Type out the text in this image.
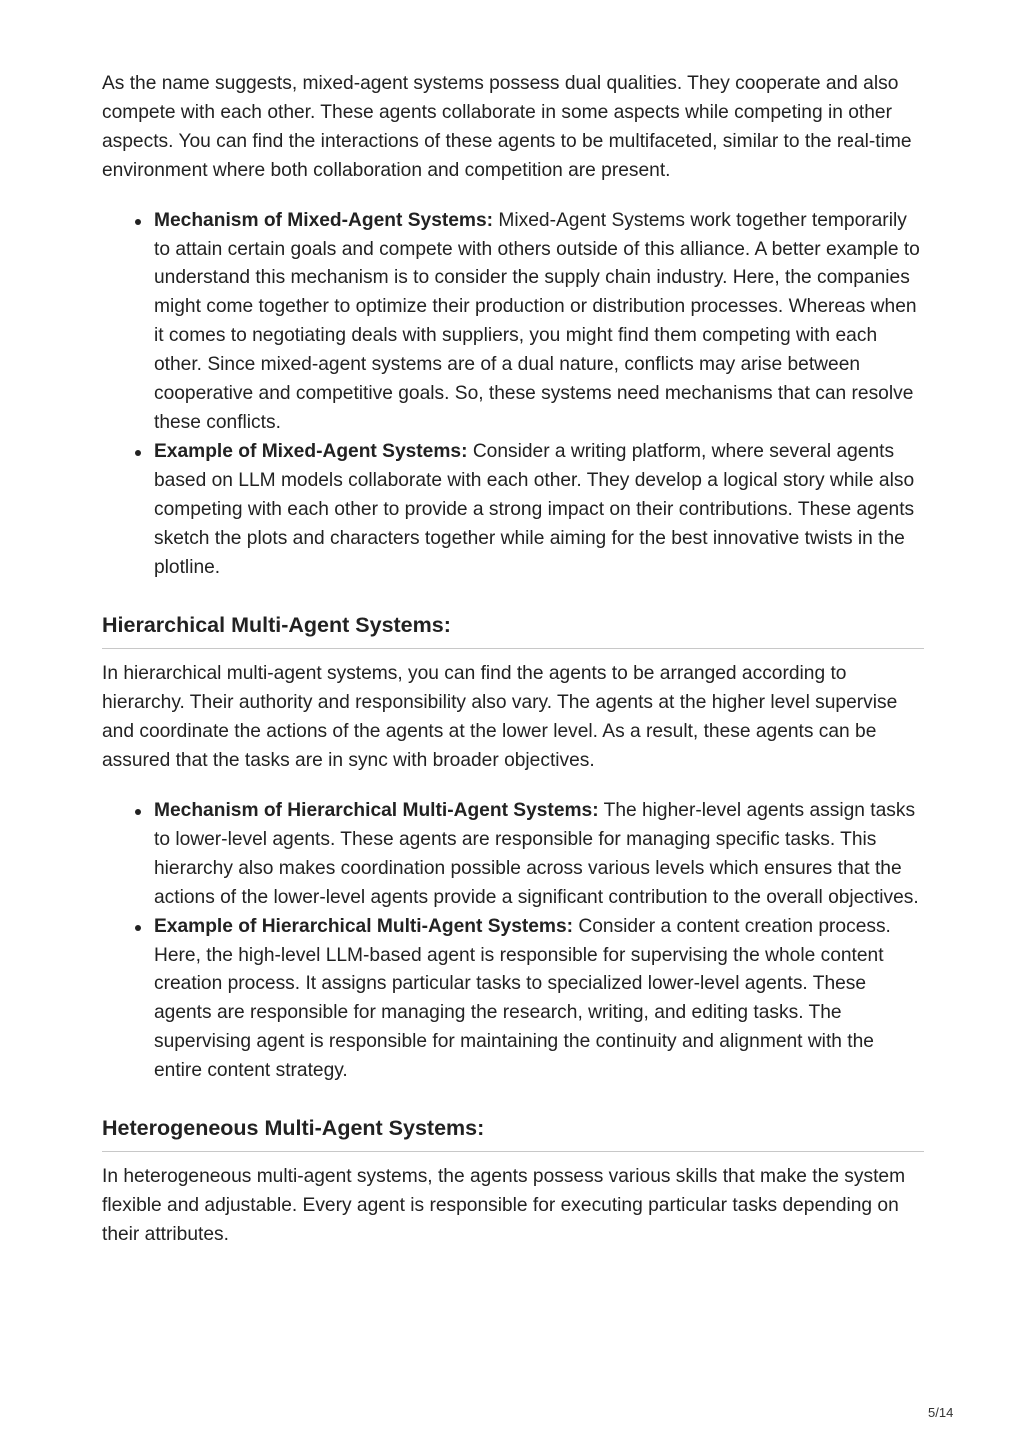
As the name suggests, mixed-agent systems possess dual qualities. They cooperate and also compete with each other. These agents collaborate in some aspects while competing in other aspects. You can find the interactions of these agents to be multifaceted, similar to the real-time environment where both collaboration and competition are present.

Mechanism of Mixed-Agent Systems: Mixed-Agent Systems work together temporarily to attain certain goals and compete with others outside of this alliance. A better example to understand this mechanism is to consider the supply chain industry. Here, the companies might come together to optimize their production or distribution processes. Whereas when it comes to negotiating deals with suppliers, you might find them competing with each other. Since mixed-agent systems are of a dual nature, conflicts may arise between cooperative and competitive goals. So, these systems need mechanisms that can resolve these conflicts.
Example of Mixed-Agent Systems: Consider a writing platform, where several agents based on LLM models collaborate with each other. They develop a logical story while also competing with each other to provide a strong impact on their contributions. These agents sketch the plots and characters together while aiming for the best innovative twists in the plotline.
Hierarchical Multi-Agent Systems:

In hierarchical multi-agent systems, you can find the agents to be arranged according to hierarchy. Their authority and responsibility also vary. The agents at the higher level supervise and coordinate the actions of the agents at the lower level. As a result, these agents can be assured that the tasks are in sync with broader objectives.

Mechanism of Hierarchical Multi-Agent Systems: The higher-level agents assign tasks to lower-level agents. These agents are responsible for managing specific tasks. This hierarchy also makes coordination possible across various levels which ensures that the actions of the lower-level agents provide a significant contribution to the overall objectives.
Example of Hierarchical Multi-Agent Systems: Consider a content creation process. Here, the high-level LLM-based agent is responsible for supervising the whole content creation process. It assigns particular tasks to specialized lower-level agents. These agents are responsible for managing the research, writing, and editing tasks. The supervising agent is responsible for maintaining the continuity and alignment with the entire content strategy.
Heterogeneous Multi-Agent Systems:

In heterogeneous multi-agent systems, the agents possess various skills that make the system flexible and adjustable. Every agent is responsible for executing particular tasks depending on their attributes.

5/14
